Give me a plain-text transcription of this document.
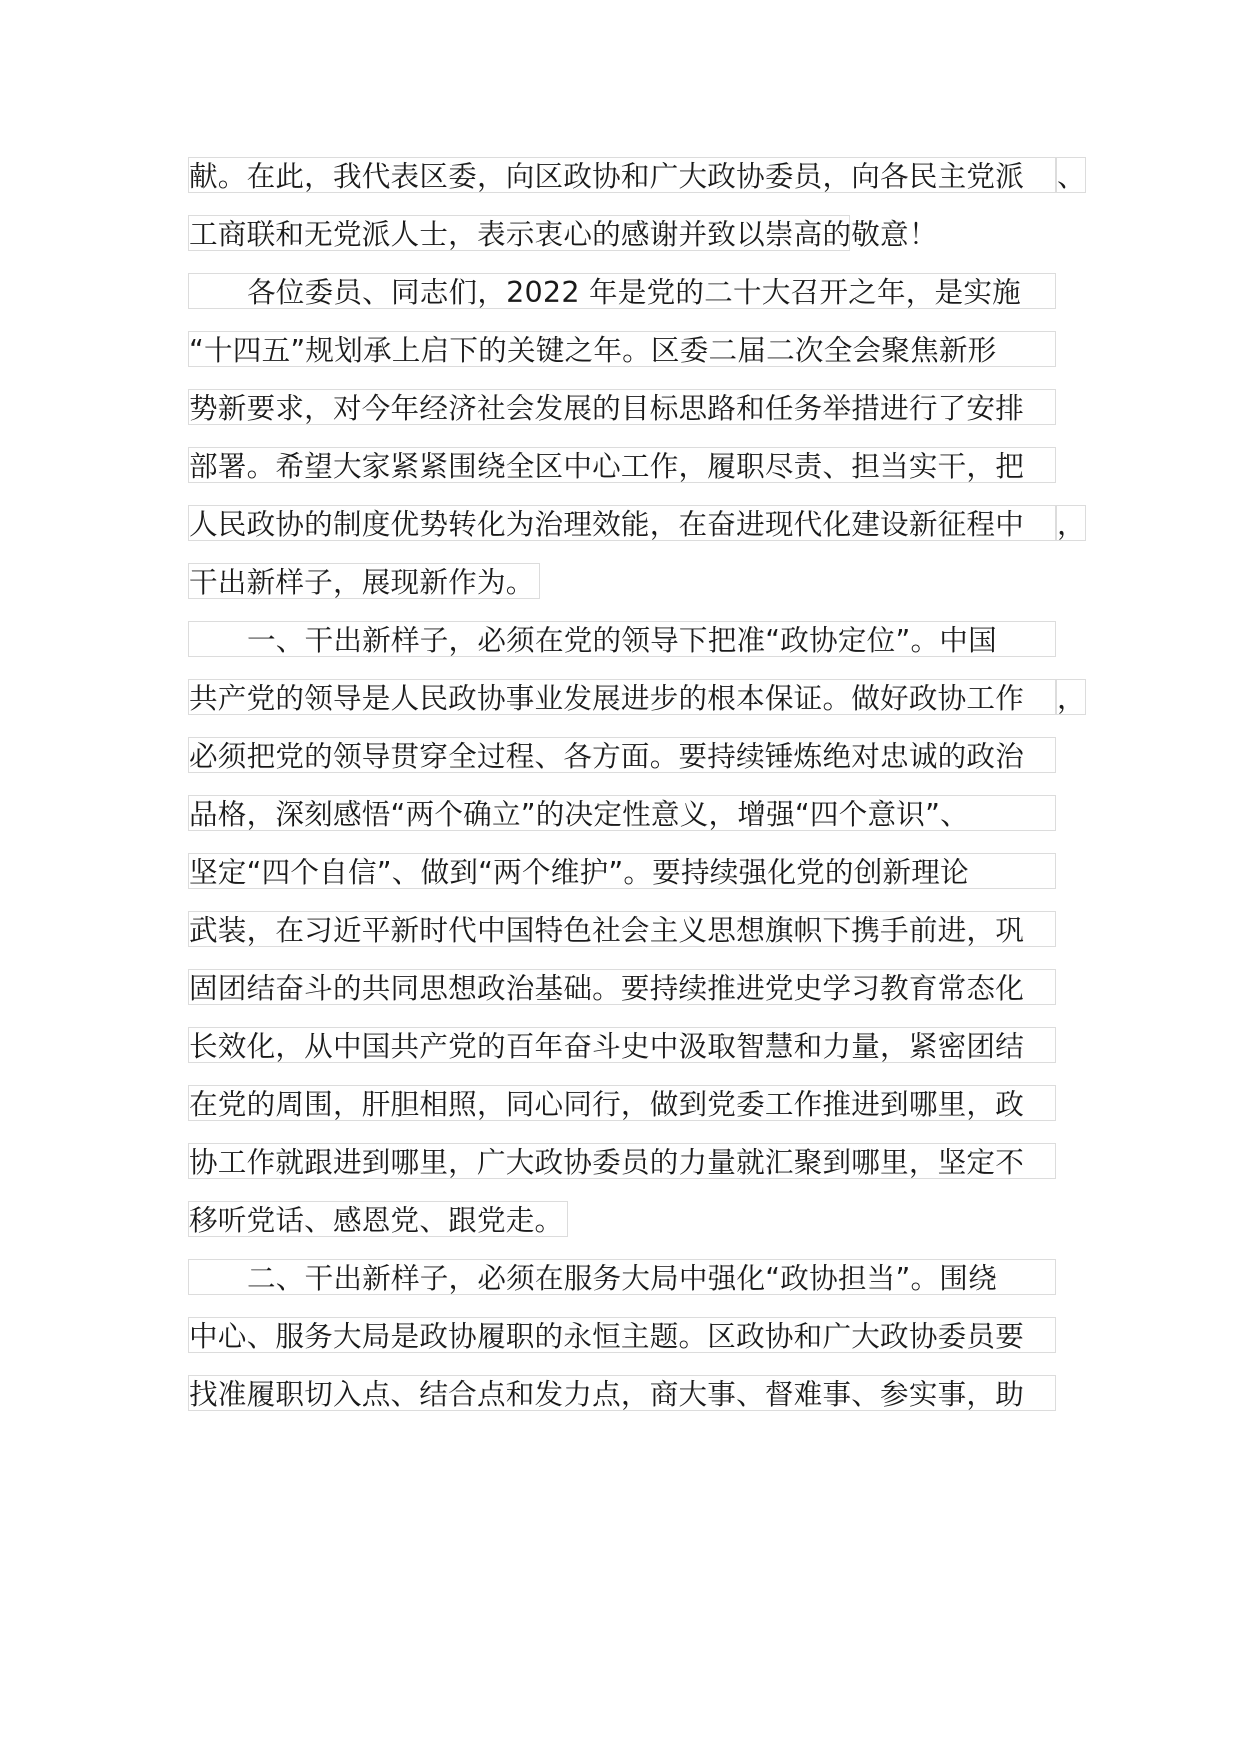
献。在此，我代表区委，向区政协和广大政协委员，向各民主党派	、
工商联和无党派人士，表示衷心的感谢并致以崇高的敬意！
各位委员、同志们，2022 年是党的二十大召开之年，是实施
“十四五”规划承上启下的关键之年。区委二届二次全会聚焦新形
势新要求，对今年经济社会发展的目标思路和任务举措进行了安排
部署。希望大家紧紧围绕全区中心工作，履职尽责、担当实干，把
人民政协的制度优势转化为治理效能，在奋进现代化建设新征程中	，
干出新样子，展现新作为。
一、干出新样子，必须在党的领导下把准“政协定位”。中国
共产党的领导是人民政协事业发展进步的根本保证。做好政协工作	，
必须把党的领导贯穿全过程、各方面。要持续锤炼绝对忠诚的政治
品格，深刻感悟“两个确立”的决定性意义，增强“四个意识”、
坚定“四个自信”、做到“两个维护”。要持续强化党的创新理论
武装，在习近平新时代中国特色社会主义思想旗帜下携手前进，巩
固团结奋斗的共同思想政治基础。要持续推进党史学习教育常态化
长效化，从中国共产党的百年奋斗史中汲取智慧和力量，紧密团结
在党的周围，肝胆相照，同心同行，做到党委工作推进到哪里，政
协工作就跟进到哪里，广大政协委员的力量就汇聚到哪里，坚定不
移听党话、感恩党、跟党走。
二、干出新样子，必须在服务大局中强化“政协担当”。围绕
中心、服务大局是政协履职的永恒主题。区政协和广大政协委员要
找准履职切入点、结合点和发力点，商大事、督难事、参实事，助
